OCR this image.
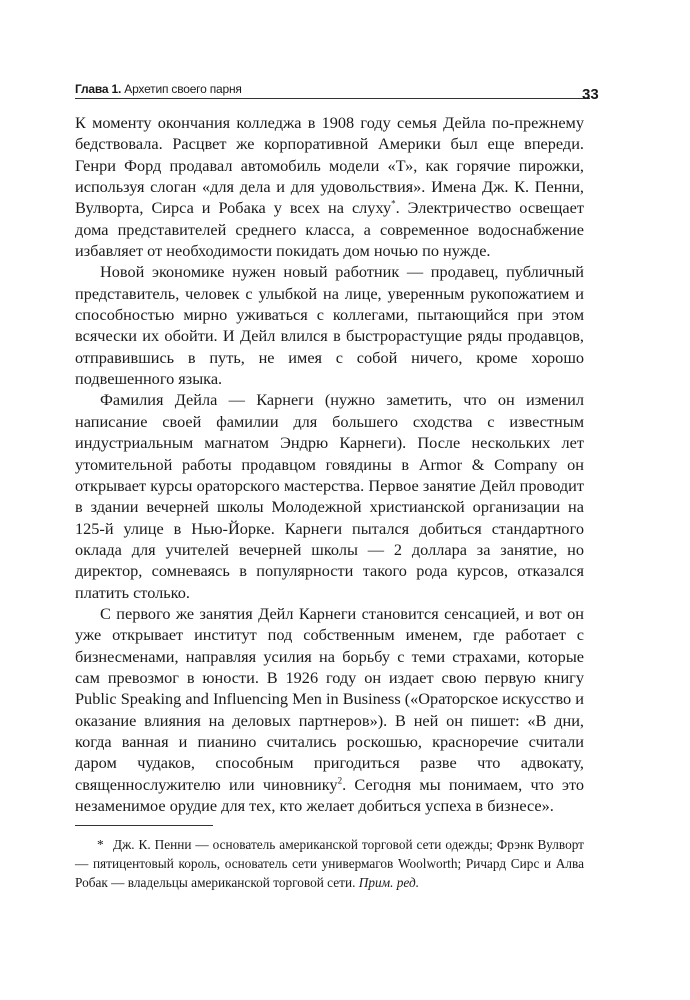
Глава 1. Архетип своего парня	33

К моменту окончания колледжа в 1908 году семья Дейла по-прежнему бедствовала. Расцвет же корпоративной Америки был еще впереди. Генри Форд продавал автомобиль модели «Т», как горячие пирожки, используя слоган «для дела и для удовольствия». Имена Дж. К. Пенни, Вулворта, Сирса и Робака у всех на слуху*. Электричество освещает дома представителей среднего класса, а современное водоснабжение избавляет от необходимости покидать дом ночью по нужде.

Новой экономике нужен новый работник — продавец, публичный представитель, человек с улыбкой на лице, уверенным рукопожатием и способностью мирно уживаться с коллегами, пытающийся при этом всячески их обойти. И Дейл влился в быстрорастущие ряды продавцов, отправившись в путь, не имея с собой ничего, кроме хорошо подвешенного языка.

Фамилия Дейла — Карнеги (нужно заметить, что он изменил написание своей фамилии для большего сходства с известным индустриальным магнатом Эндрю Карнеги). После нескольких лет утомительной работы продавцом говядины в Armor & Company он открывает курсы ораторского мастерства. Первое занятие Дейл проводит в здании вечерней школы Молодежной христианской организации на 125-й улице в Нью-Йорке. Карнеги пытался добиться стандартного оклада для учителей вечерней школы — 2 доллара за занятие, но директор, сомневаясь в популярности такого рода курсов, отказался платить столько.

С первого же занятия Дейл Карнеги становится сенсацией, и вот он уже открывает институт под собственным именем, где работает с бизнесменами, направляя усилия на борьбу с теми страхами, которые сам превозмог в юности. В 1926 году он издает свою первую книгу Public Speaking and Influencing Men in Business («Ораторское искусство и оказание влияния на деловых партнеров»). В ней он пишет: «В дни, когда ванная и пианино считались роскошью, красноречие считали даром чудаков, способным пригодиться разве что адвокату, священнослужителю или чиновнику$^2$. Сегодня мы понимаем, что это незаменимое орудие для тех, кто желает добиться успеха в бизнесе».

* Дж. К. Пенни — основатель американской торговой сети одежды; Фрэнк Вулворт — пятицентовый король, основатель сети универмагов Woolworth; Ричард Сирс и Алва Робак — владельцы американской торговой сети. Прим. ред.
